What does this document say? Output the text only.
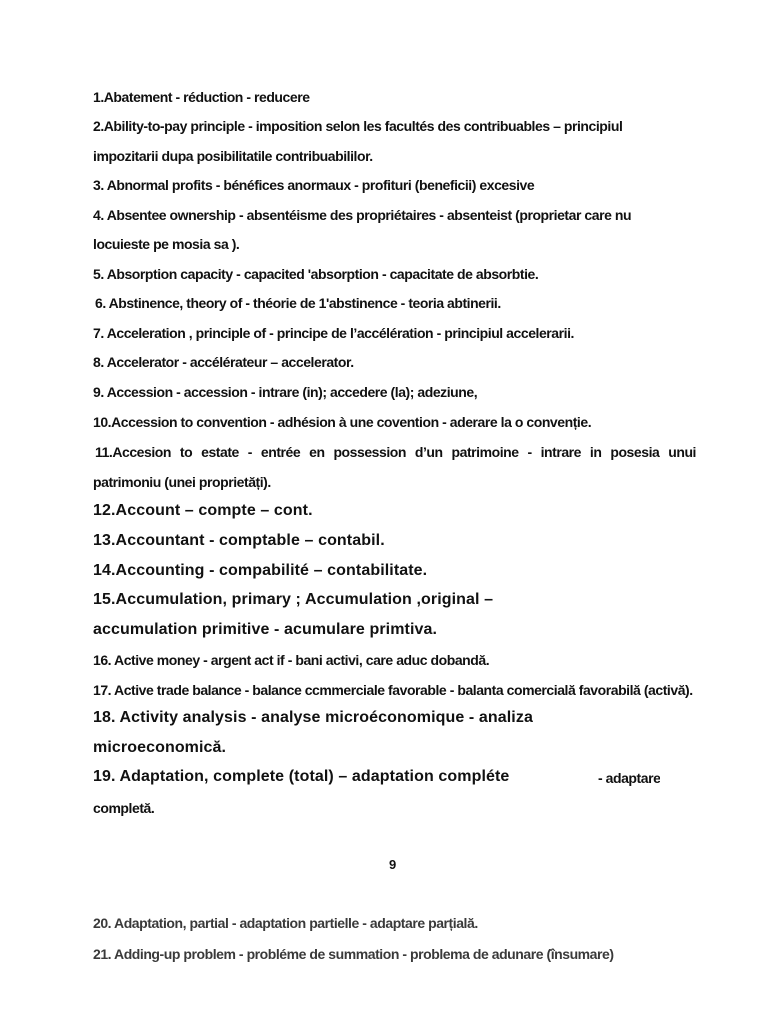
1.Abatement - réduction - reducere
2.Ability-to-pay principle - imposition selon les facultés des contribuables – principiul
impozitarii dupa posibilitatile contribuabililor.
3. Abnormal profits - bénéfices anormaux - profituri (beneficii) excesive
4. Absentee ownership - absentéisme des propriétaires - absenteist (proprietar care nu
locuieste pe mosia sa ).
5. Absorption capacity - capacited 'absorption - capacitate de absorbtie.
6. Abstinence, theory of - théorie de 1'abstinence - teoria abtinerii.
7. Acceleration , principle of - principe de l’accélération - principiul accelerarii.
8. Accelerator - accélérateur – accelerator.
9. Accession - accession - intrare (in); accedere (la); adeziune,
10.Accession to convention - adhésion à une covention - aderare la o convenție.
11.Accesion to estate - entrée en possession d’un patrimoine - intrare in posesia unui
patrimoniu (unei proprietăți).
12.Account – compte – cont.
13.Accountant - comptable – contabil.
14.Accounting - compabilité – contabilitate.
15.Accumulation, primary ; Accumulation ,original –
accumulation primitive - acumulare primtiva.
16. Active money - argent act if - bani activi, care aduc dobandă.
17. Active trade balance - balance ccmmerciale favorable - balanta comercială favorabilă (activă).
18. Activity analysis - analyse microéconomique - analiza
microeconomică.
19. Adaptation, complete (total) – adaptation compléte	- adaptare
completă.
9
20. Adaptation, partial - adaptation partielle - adaptare parțială.
21. Adding-up problem - probléme de summation - problema de adunare (însumare)
